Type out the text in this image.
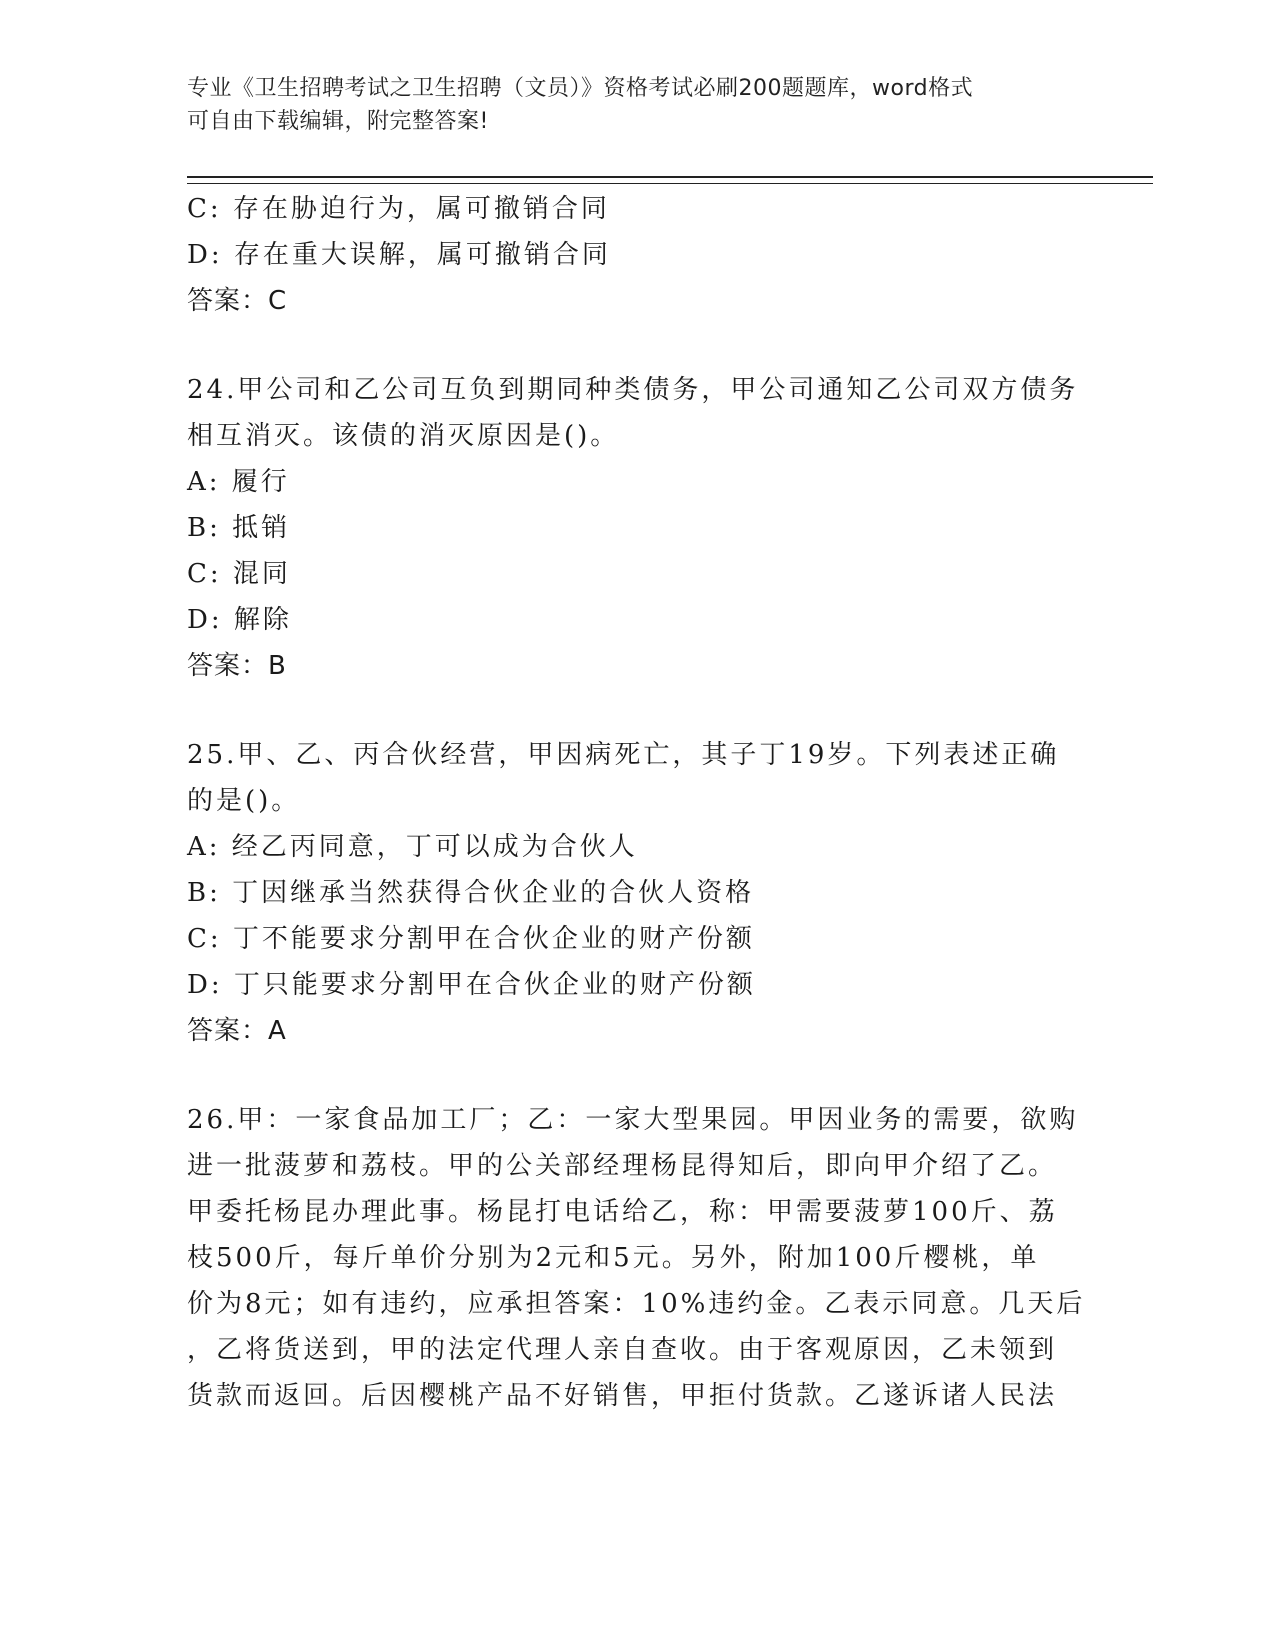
专业《卫生招聘考试之卫生招聘（文员）》资格考试必刷200题题库，word格式
可自由下载编辑，附完整答案!
C: 存在胁迫行为，属可撤销合同
D: 存在重大误解，属可撤销合同
答案：C
24.甲公司和乙公司互负到期同种类债务，甲公司通知乙公司双方债务
相互消灭。该债的消灭原因是()。
A: 履行
B: 抵销
C: 混同
D: 解除
答案：B
25.甲、乙、丙合伙经营，甲因病死亡，其子丁19岁。下列表述正确
的是()。
A: 经乙丙同意，丁可以成为合伙人
B: 丁因继承当然获得合伙企业的合伙人资格
C: 丁不能要求分割甲在合伙企业的财产份额
D: 丁只能要求分割甲在合伙企业的财产份额
答案：A
26.甲：一家食品加工厂；乙：一家大型果园。甲因业务的需要，欲购
进一批菠萝和荔枝。甲的公关部经理杨昆得知后，即向甲介绍了乙。
甲委托杨昆办理此事。杨昆打电话给乙，称：甲需要菠萝100斤、荔
枝500斤，每斤单价分别为2元和5元。另外，附加100斤樱桃，单
价为8元；如有违约，应承担答案：10%违约金。乙表示同意。几天后
，乙将货送到，甲的法定代理人亲自查收。由于客观原因，乙未领到
货款而返回。后因樱桃产品不好销售，甲拒付货款。乙遂诉诸人民法
